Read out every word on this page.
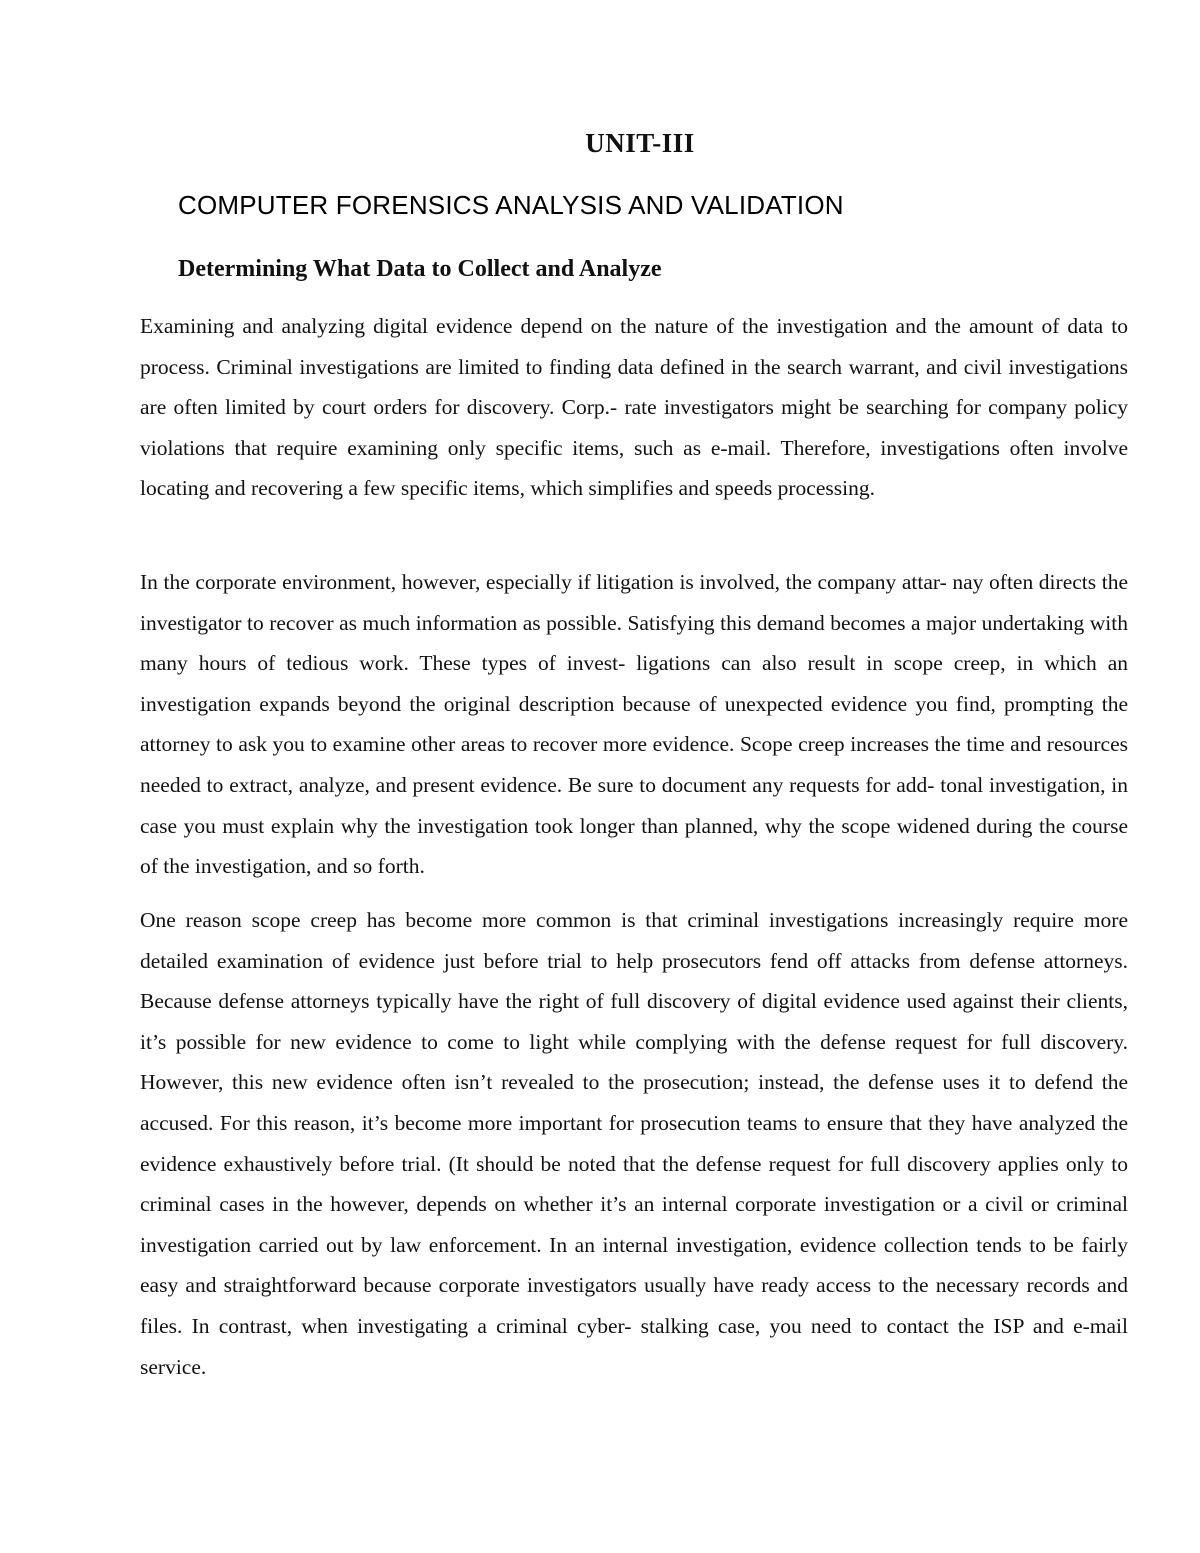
UNIT-III
COMPUTER FORENSICS ANALYSIS AND VALIDATION
Determining What Data to Collect and Analyze

Examining and analyzing digital evidence depend on the nature of the investigation and the amount of data to process. Criminal investigations are limited to finding data defined in the search warrant, and civil investigations are often limited by court orders for discovery. Corp.- rate investigators might be searching for company policy violations that require examining only specific items, such as e-mail. Therefore, investigations often involve locating and recovering a few specific items, which simplifies and speeds processing.

In the corporate environment, however, especially if litigation is involved, the company attar- nay often directs the investigator to recover as much information as possible. Satisfying this demand becomes a major undertaking with many hours of tedious work. These types of invest- ligations can also result in scope creep, in which an investigation expands beyond the original description because of unexpected evidence you find, prompting the attorney to ask you to examine other areas to recover more evidence. Scope creep increases the time and resources needed to extract, analyze, and present evidence. Be sure to document any requests for add- tonal investigation, in case you must explain why the investigation took longer than planned, why the scope widened during the course of the investigation, and so forth.

One reason scope creep has become more common is that criminal investigations increasingly require more detailed examination of evidence just before trial to help prosecutors fend off attacks from defense attorneys. Because defense attorneys typically have the right of full discovery of digital evidence used against their clients, it’s possible for new evidence to come to light while complying with the defense request for full discovery. However, this new evidence often isn’t revealed to the prosecution; instead, the defense uses it to defend the accused. For this reason, it’s become more important for prosecution teams to ensure that they have analyzed the evidence exhaustively before trial. (It should be noted that the defense request for full discovery applies only to criminal cases in the however, depends on whether it’s an internal corporate investigation or a civil or criminal investigation carried out by law enforcement. In an internal investigation, evidence collection tends to be fairly easy and straightforward because corporate investigators usually have ready access to the necessary records and files. In contrast, when investigating a criminal cyber- stalking case, you need to contact the ISP and e-mail service.
